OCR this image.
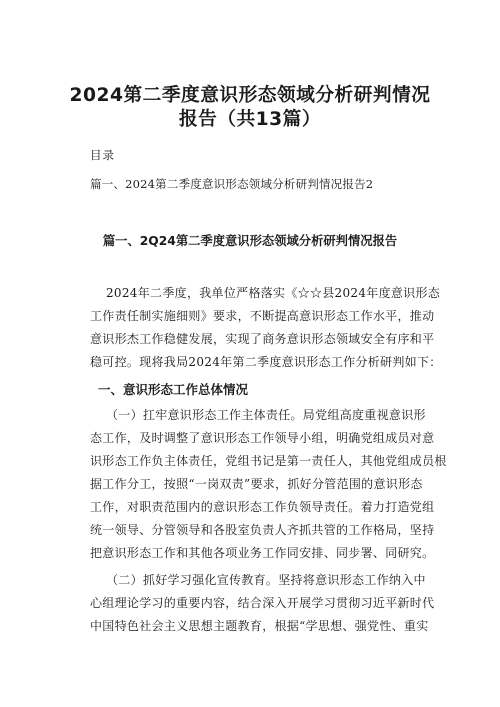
2024第二季度意识形态领域分析研判情况
报告（共13篇）
目录
篇一、2024第二季度意识形态领域分析研判情况报告2
篇一、2Q24第二季度意识形态领域分析研判情况报告
2024年二季度，我单位严格落实《☆☆县2024年度意识形态
工作责任制实施细则》要求，不断提高意识形态工作水平，推动
意识形杰工作稳健发展，实现了商务意识形态领域安全有序和平
稳可控。现将我局2024年第二季度意识形态工作分析研判如下：
一、意识形态工作总体情况
（一）扛牢意识形态工作主体责任。局党组高度重视意识形
态工作，及时调整了意识形态工作领导小组，明确党组成员对意
识形态工作负主体责任，党组书记是第一责任人，其他党组成员根
据工作分工，按照“一岗双责”要求，抓好分管范围的意识形态
工作，对职责范围内的意识形态工作负领导责任。着力打造党组
统一领导、分管领导和各股室负责人齐抓共管的工作格局，坚持
把意识形态工作和其他各项业务工作同安排、同步署、同研究。
（二）抓好学习强化宣传教育。坚持将意识形态工作纳入中
心组理论学习的重要内容，结合深入开展学习贯彻习近平新时代
中国特色社会主义思想主题教育，根据“学思想、强党性、重实
